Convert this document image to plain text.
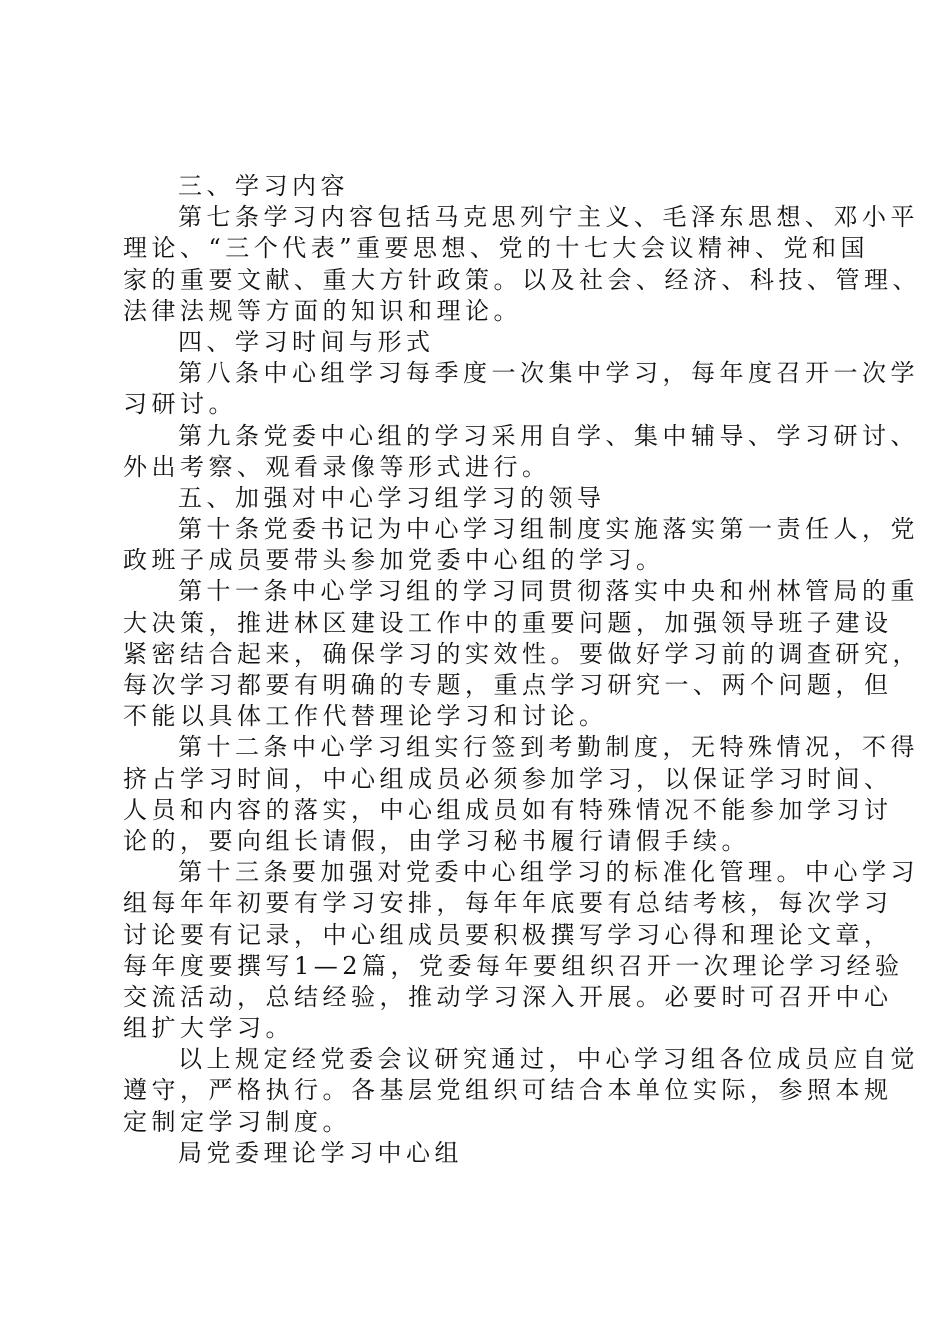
三、学习内容

第七条学习内容包括马克思列宁主义、毛泽东思想、邓小平

理论、“三个代表”重要思想、党的十七大会议精神、党和国

家的重要文献、重大方针政策。以及社会、经济、科技、管理、

法律法规等方面的知识和理论。

四、学习时间与形式

第八条中心组学习每季度一次集中学习，每年度召开一次学

习研讨。

第九条党委中心组的学习采用自学、集中辅导、学习研讨、

外出考察、观看录像等形式进行。

五、加强对中心学习组学习的领导

第十条党委书记为中心学习组制度实施落实第一责任人，党

政班子成员要带头参加党委中心组的学习。

第十一条中心学习组的学习同贯彻落实中央和州林管局的重

大决策，推进林区建设工作中的重要问题，加强领导班子建设

紧密结合起来，确保学习的实效性。要做好学习前的调查研究，

每次学习都要有明确的专题，重点学习研究一、两个问题，但

不能以具体工作代替理论学习和讨论。

第十二条中心学习组实行签到考勤制度，无特殊情况，不得

挤占学习时间，中心组成员必须参加学习，以保证学习时间、

人员和内容的落实，中心组成员如有特殊情况不能参加学习讨

论的，要向组长请假，由学习秘书履行请假手续。

第十三条要加强对党委中心组学习的标准化管理。中心学习

组每年年初要有学习安排，每年年底要有总结考核，每次学习

讨论要有记录，中心组成员要积极撰写学习心得和理论文章，

每年度要撰写1—2篇，党委每年要组织召开一次理论学习经验

交流活动，总结经验，推动学习深入开展。必要时可召开中心

组扩大学习。

以上规定经党委会议研究通过，中心学习组各位成员应自觉

遵守，严格执行。各基层党组织可结合本单位实际，参照本规

定制定学习制度。

局党委理论学习中心组
